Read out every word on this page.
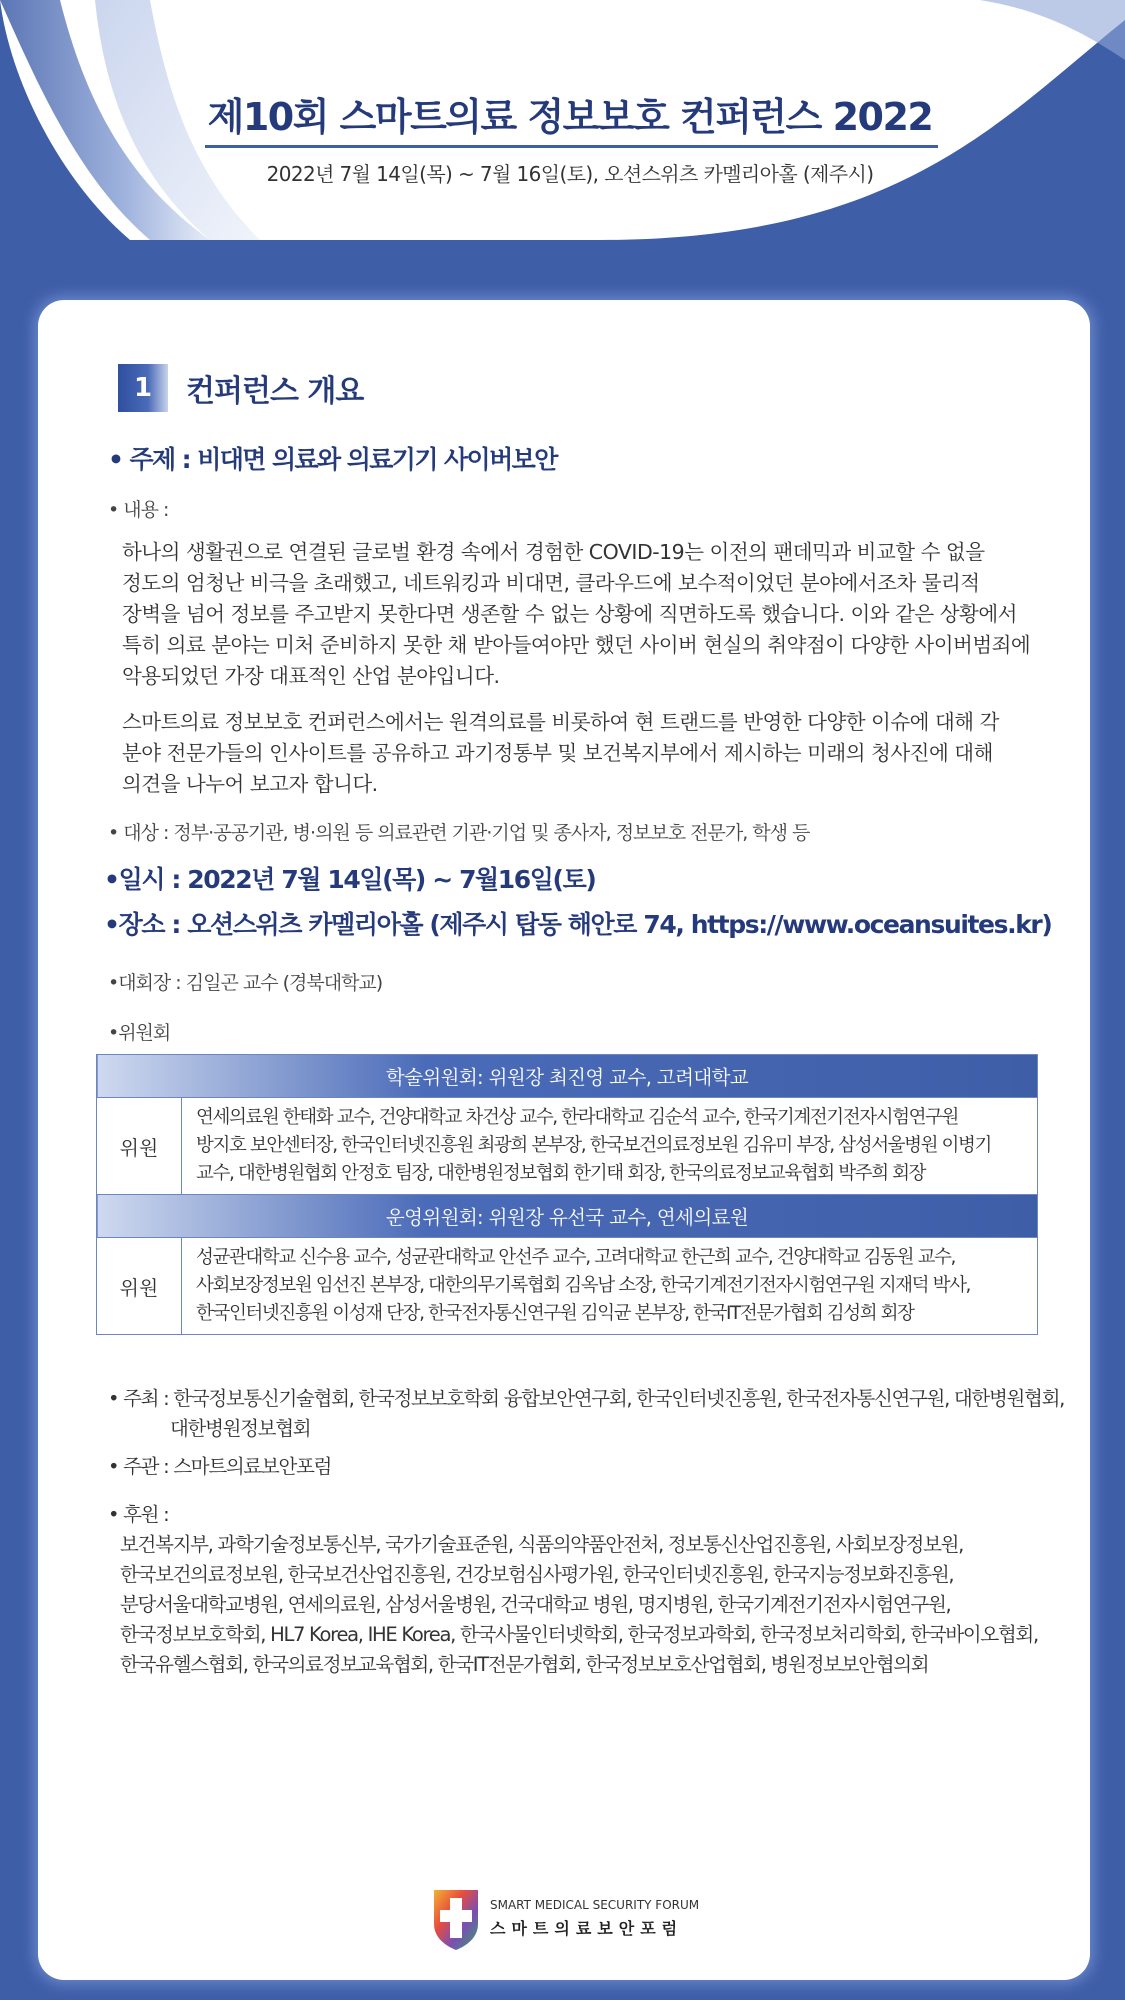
제10회 스마트의료 정보보호 컨퍼런스 2022
2022년 7월 14일(목) ~ 7월 16일(토), 오션스위츠 카멜리아홀 (제주시)
1	컨퍼런스 개요
• 주제 : 비대면 의료와 의료기기 사이버보안
• 내용 :
하나의 생활권으로 연결된 글로벌 환경 속에서 경험한 COVID-19는 이전의 팬데믹과 비교할 수 없을
정도의 엄청난 비극을 초래했고, 네트워킹과 비대면, 클라우드에 보수적이었던 분야에서조차 물리적
장벽을 넘어 정보를 주고받지 못한다면 생존할 수 없는 상황에 직면하도록 했습니다. 이와 같은 상황에서
특히 의료 분야는 미처 준비하지 못한 채 받아들여야만 했던 사이버 현실의 취약점이 다양한 사이버범죄에
악용되었던 가장 대표적인 산업 분야입니다.
스마트의료 정보보호 컨퍼런스에서는 원격의료를 비롯하여 현 트랜드를 반영한 다양한 이슈에 대해 각
분야 전문가들의 인사이트를 공유하고 과기정통부 및 보건복지부에서 제시하는 미래의 청사진에 대해
의견을 나누어 보고자 합니다.
• 대상 : 정부·공공기관, 병·의원 등 의료관련 기관·기업 및 종사자, 정보보호 전문가, 학생 등
•일시 : 2022년 7월 14일(목) ~ 7월16일(토)
•장소 : 오션스위츠 카멜리아홀 (제주시 탑동 해안로 74, https://www.oceansuites.kr)
•대회장 : 김일곤 교수 (경북대학교)
•위원회
학술위원회: 위원장 최진영 교수, 고려대학교	
위원	연세의료원 한태화 교수, 건양대학교 차건상 교수, 한라대학교 김순석 교수, 한국기계전기전자시험연구원
방지호 보안센터장, 한국인터넷진흥원 최광희 본부장, 한국보건의료정보원 김유미 부장, 삼성서울병원 이병기
교수, 대한병원협회 안정호 팀장, 대한병원정보협회 한기태 회장, 한국의료정보교육협회 박주희 회장

운영위원회: 위원장 유선국 교수, 연세의료원	
위원	성균관대학교 신수용 교수, 성균관대학교 안선주 교수, 고려대학교 한근희 교수, 건양대학교 김동원 교수,
사회보장정보원 임선진 본부장, 대한의무기록협회 김옥남 소장, 한국기계전기전자시험연구원 지재덕 박사,
한국인터넷진흥원 이성재 단장, 한국전자통신연구원 김익균 본부장, 한국IT전문가협회 김성희 회장
• 주최 : 한국정보통신기술협회, 한국정보보호학회 융합보안연구회, 한국인터넷진흥원, 한국전자통신연구원, 대한병원협회,
대한병원정보협회
• 주관 : 스마트의료보안포럼
• 후원 :
보건복지부, 과학기술정보통신부, 국가기술표준원, 식품의약품안전처, 정보통신산업진흥원, 사회보장정보원,
한국보건의료정보원, 한국보건산업진흥원, 건강보험심사평가원, 한국인터넷진흥원, 한국지능정보화진흥원,
분당서울대학교병원, 연세의료원, 삼성서울병원, 건국대학교 병원, 명지병원, 한국기계전기전자시험연구원,
한국정보보호학회, HL7 Korea, IHE Korea, 한국사물인터넷학회, 한국정보과학회, 한국정보처리학회, 한국바이오협회,
한국유헬스협회, 한국의료정보교육협회, 한국IT전문가협회, 한국정보보호산업협회, 병원정보보안협의회
SMART MEDICAL SECURITY FORUM
스마트의료보안포럼
